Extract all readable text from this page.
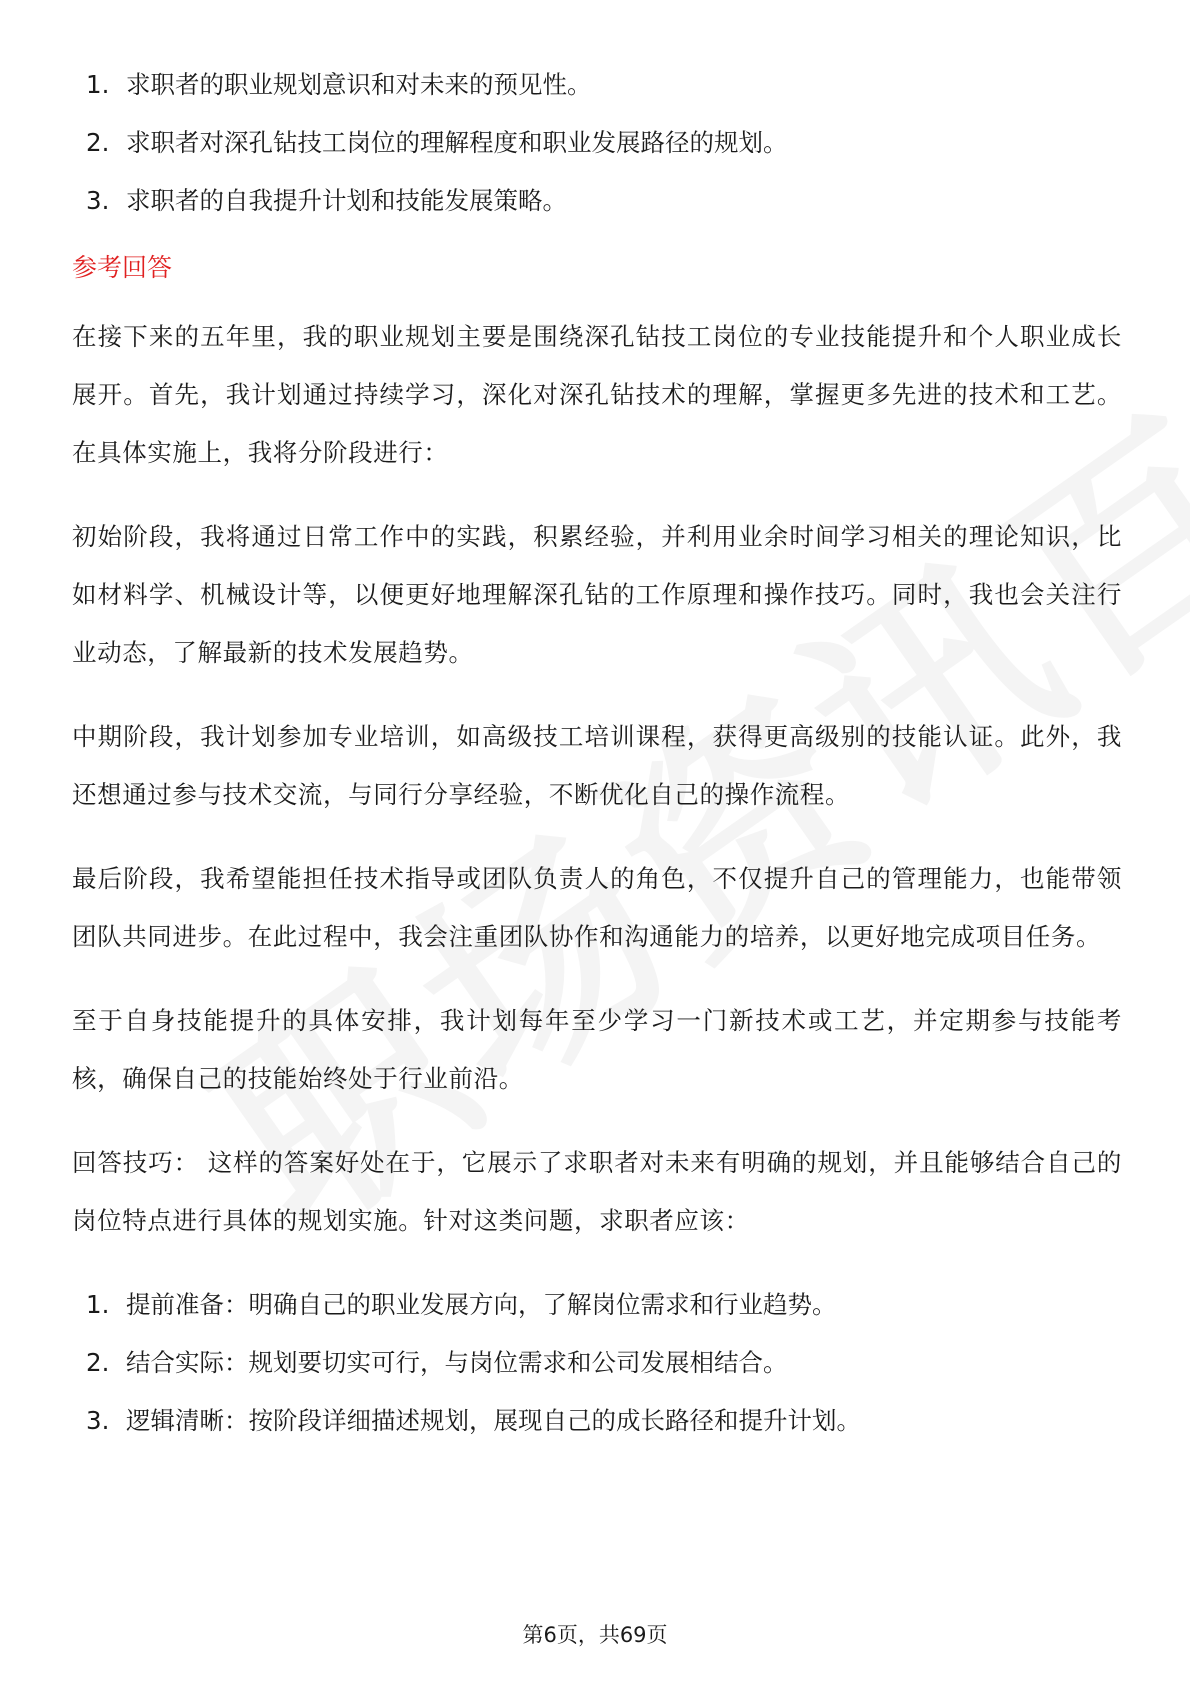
1. 求职者的职业规划意识和对未来的预见性。
2. 求职者对深孔钻技工岗位的理解程度和职业发展路径的规划。
3. 求职者的自我提升计划和技能发展策略。
参考回答

在接下来的五年里，我的职业规划主要是围绕深孔钻技工岗位的专业技能提升和个人职业成长展开。首先，我计划通过持续学习，深化对深孔钻技术的理解，掌握更多先进的技术和工艺。在具体实施上，我将分阶段进行：

初始阶段，我将通过日常工作中的实践，积累经验，并利用业余时间学习相关的理论知识，比如材料学、机械设计等，以便更好地理解深孔钻的工作原理和操作技巧。同时，我也会关注行业动态，了解最新的技术发展趋势。

中期阶段，我计划参加专业培训，如高级技工培训课程，获得更高级别的技能认证。此外，我还想通过参与技术交流，与同行分享经验，不断优化自己的操作流程。

最后阶段，我希望能担任技术指导或团队负责人的角色，不仅提升自己的管理能力，也能带领团队共同进步。在此过程中，我会注重团队协作和沟通能力的培养，以更好地完成项目任务。

至于自身技能提升的具体安排，我计划每年至少学习一门新技术或工艺，并定期参与技能考核，确保自己的技能始终处于行业前沿。

回答技巧： 这样的答案好处在于，它展示了求职者对未来有明确的规划，并且能够结合自己的岗位特点进行具体的规划实施。针对这类问题，求职者应该：

1. 提前准备：明确自己的职业发展方向，了解岗位需求和行业趋势。
2. 结合实际：规划要切实可行，与岗位需求和公司发展相结合。
3. 逻辑清晰：按阶段详细描述规划，展现自己的成长路径和提升计划。
第6页，共69页
